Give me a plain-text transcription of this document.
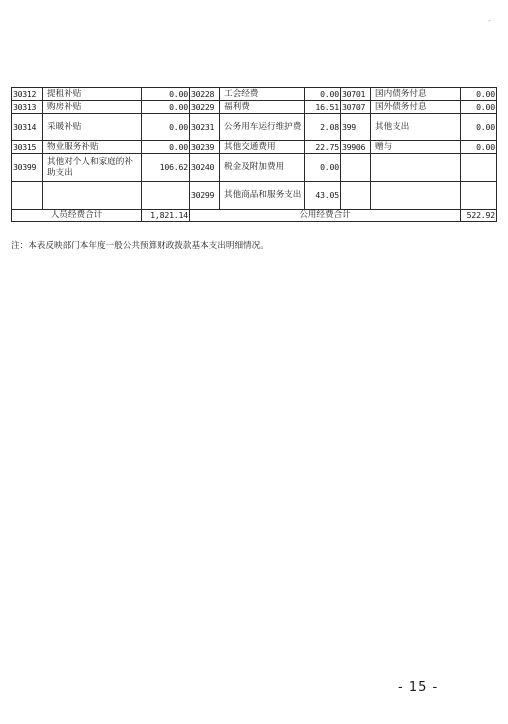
-
30312	提租补贴	0.00	30228	工会经费	0.00	30701	国内债务付息	0.00
30313	购房补贴	0.00	30229	福利费	16.51	30707	国外债务付息	0.00
30314	采暖补贴	0.00	30231	公务用车运行维护费	2.08	399	其他支出	0.00
30315	物业服务补贴	0.00	30239	其他交通费用	22.75	39906	赠与	0.00
30399	其他对个人和家庭的补助支出	106.62	30240	税金及附加费用	0.00			
			30299	其他商品和服务支出	43.05			
人员经费合计		1,821.14	公用经费合计					522.92
注：本表反映部门本年度一般公共预算财政拨款基本支出明细情况。
- 15 -
